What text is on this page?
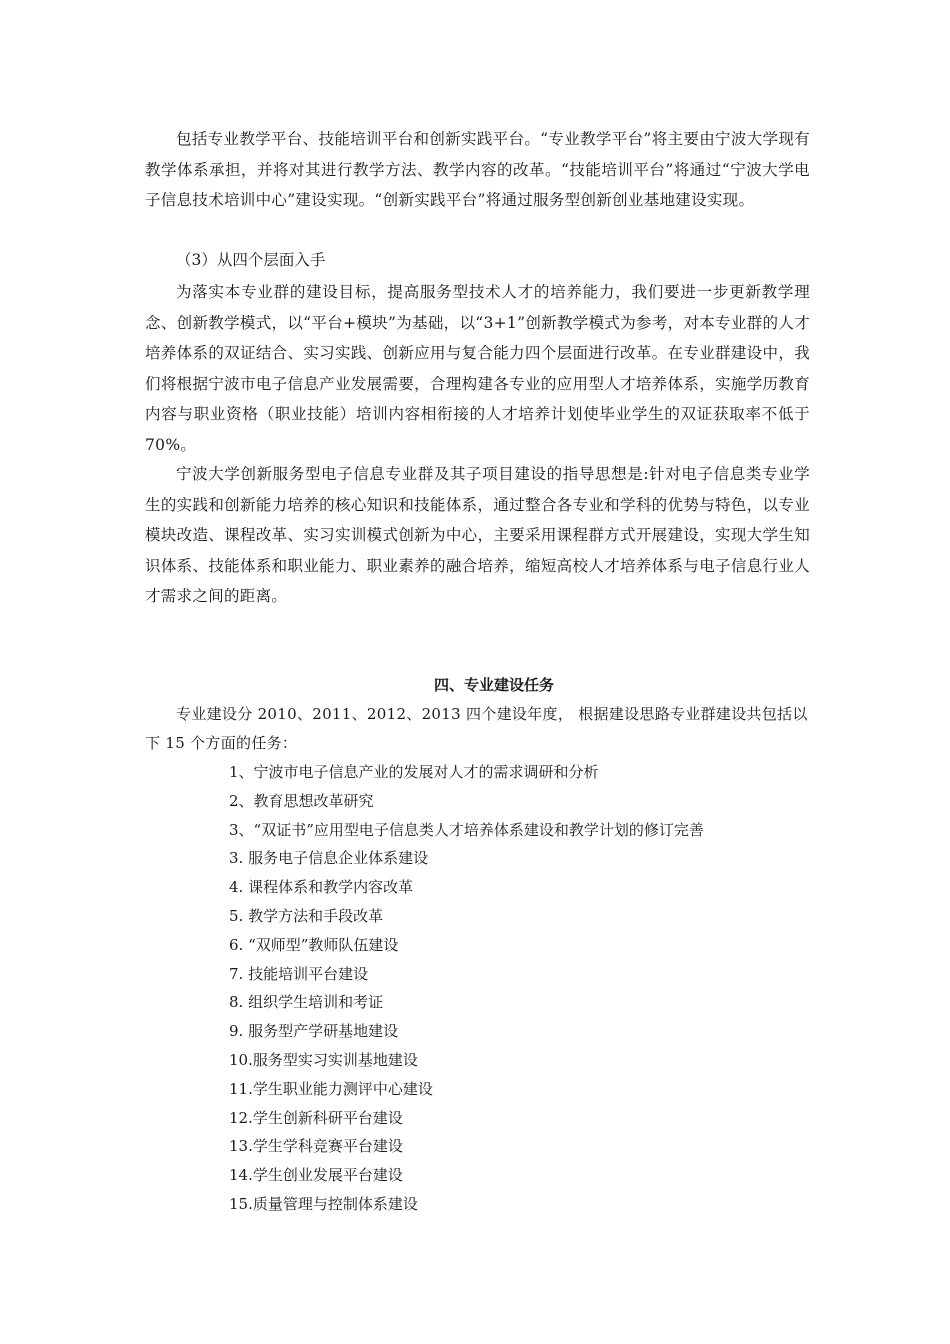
包括专业教学平台、技能培训平台和创新实践平台。“专业教学平台”将主要由宁波大学现有教学体系承担，并将对其进行教学方法、教学内容的改革。“技能培训平台”将通过“宁波大学电子信息技术培训中心”建设实现。“创新实践平台”将通过服务型创新创业基地建设实现。

（3）从四个层面入手

为落实本专业群的建设目标，提高服务型技术人才的培养能力，我们要进一步更新教学理念、创新教学模式，以“平台+模块”为基础，以“3+1”创新教学模式为参考，对本专业群的人才培养体系的双证结合、实习实践、创新应用与复合能力四个层面进行改革。在专业群建设中，我们将根据宁波市电子信息产业发展需要，合理构建各专业的应用型人才培养体系，实施学历教育内容与职业资格（职业技能）培训内容相衔接的人才培养计划使毕业学生的双证获取率不低于70%。

宁波大学创新服务型电子信息专业群及其子项目建设的指导思想是:针对电子信息类专业学生的实践和创新能力培养的核心知识和技能体系，通过整合各专业和学科的优势与特色，以专业模块改造、课程改革、实习实训模式创新为中心，主要采用课程群方式开展建设，实现大学生知识体系、技能体系和职业能力、职业素养的融合培养，缩短高校人才培养体系与电子信息行业人才需求之间的距离。

四、专业建设任务

专业建设分 2010、2011、2012、2013 四个建设年度， 根据建设思路专业群建设共包括以下 15 个方面的任务：

1、宁波市电子信息产业的发展对人才的需求调研和分析
2、教育思想改革研究
3、“双证书”应用型电子信息类人才培养体系建设和教学计划的修订完善
3. 服务电子信息企业体系建设
4. 课程体系和教学内容改革
5. 教学方法和手段改革
6. “双师型”教师队伍建设
7. 技能培训平台建设
8. 组织学生培训和考证
9. 服务型产学研基地建设
10.服务型实习实训基地建设
11.学生职业能力测评中心建设
12.学生创新科研平台建设
13.学生学科竞赛平台建设
14.学生创业发展平台建设
15.质量管理与控制体系建设
